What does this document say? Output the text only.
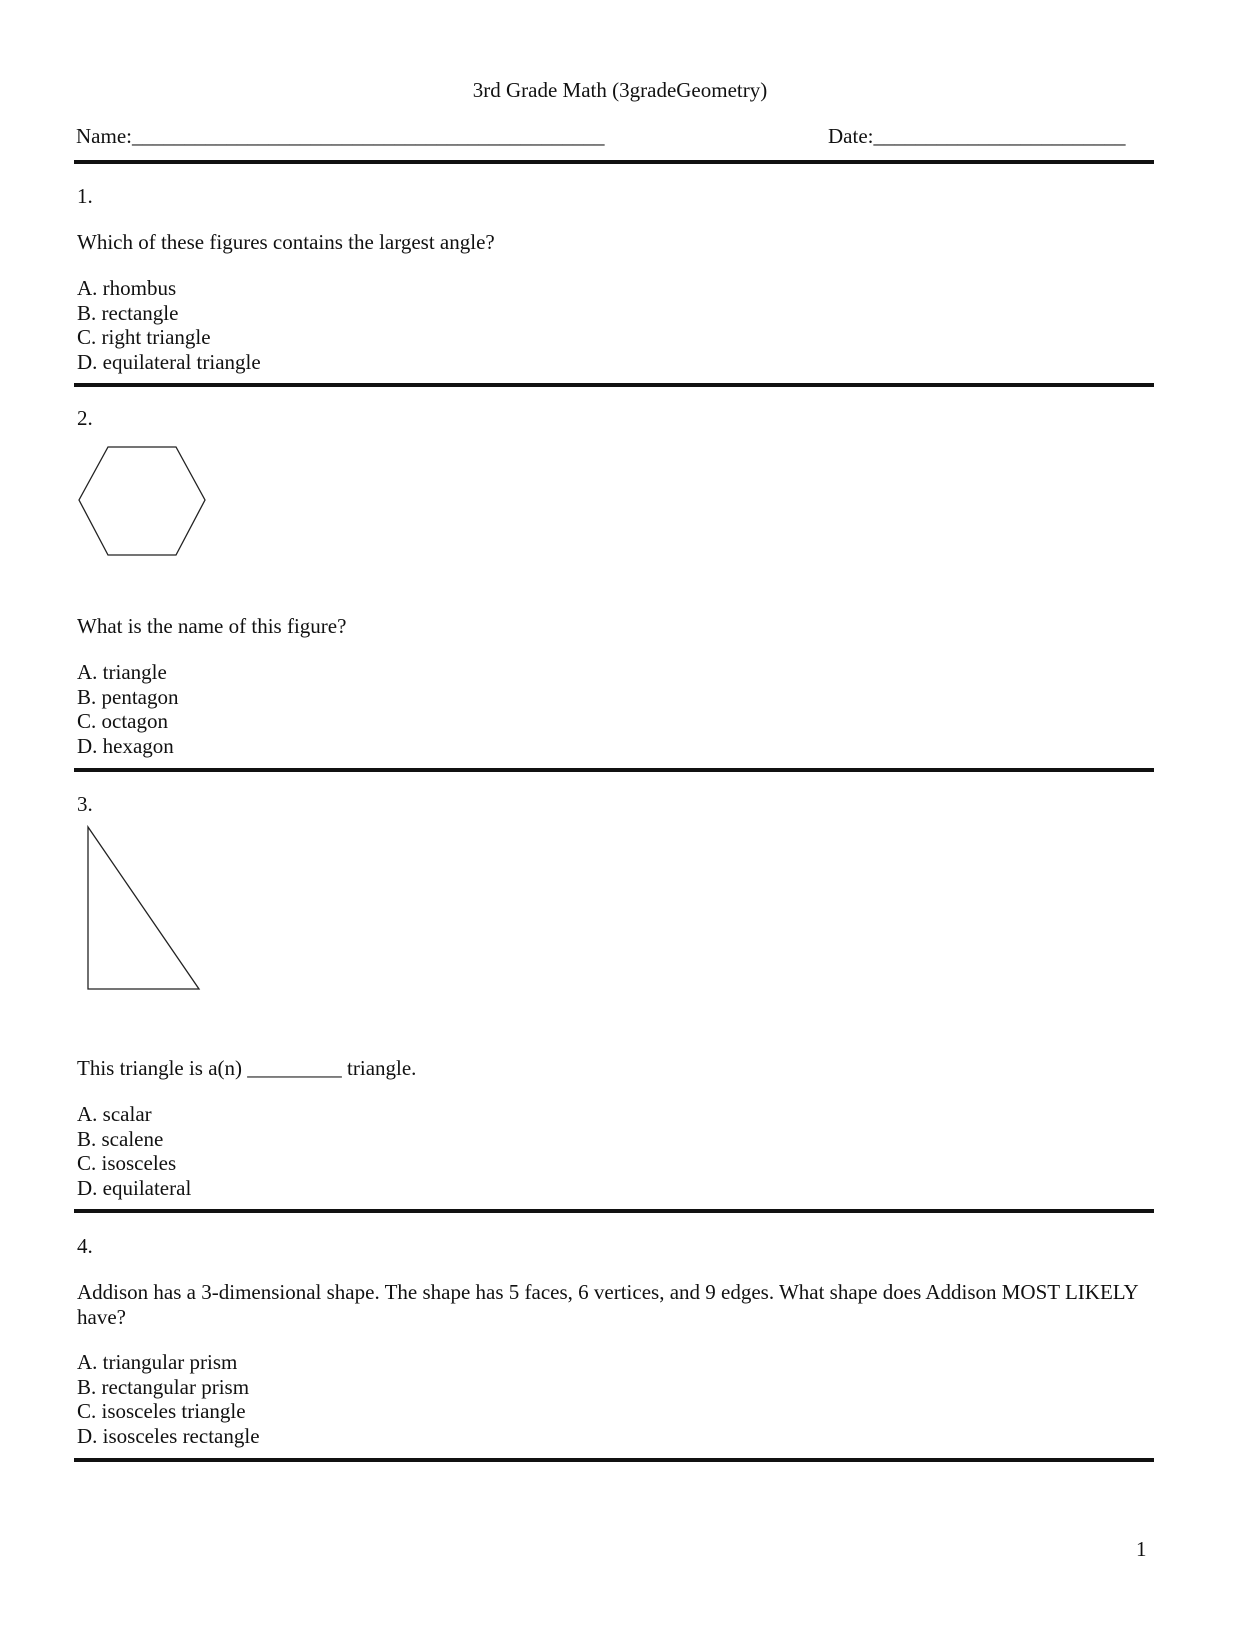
3rd Grade Math (3gradeGeometry)
Name:_____________________________________________	Date:________________________
1.
Which of these figures contains the largest angle?
A. rhombus
B. rectangle
C. right triangle
D. equilateral triangle
2.
What is the name of this figure?
A. triangle
B. pentagon
C. octagon
D. hexagon
3.
This triangle is a(n) _________ triangle.
A. scalar
B. scalene
C. isosceles
D. equilateral
4.
Addison has a 3-dimensional shape. The shape has 5 faces, 6 vertices, and 9 edges. What shape does Addison MOST LIKELY have?
A. triangular prism
B. rectangular prism
C. isosceles triangle
D. isosceles rectangle
1
